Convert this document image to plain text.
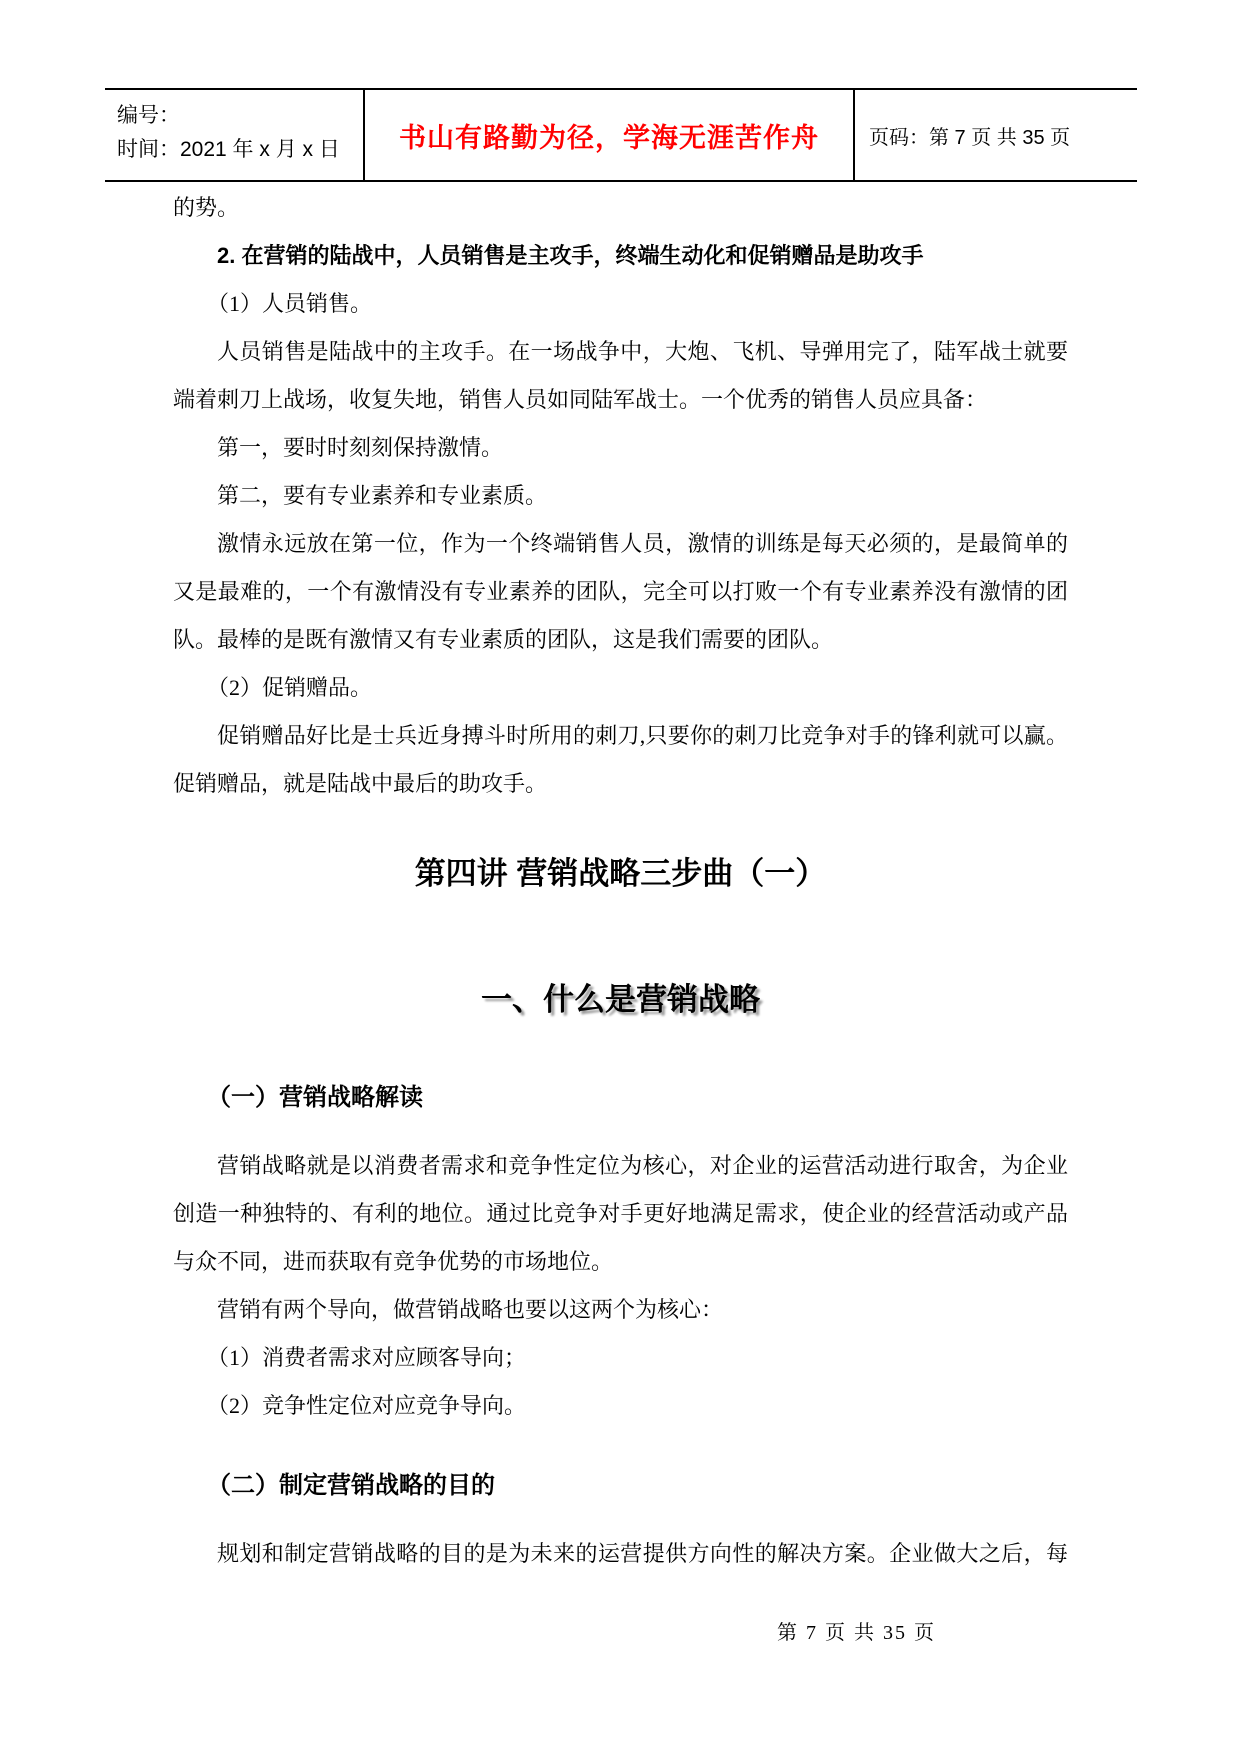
编号：
时间：2021 年 x 月 x 日	书山有路勤为径，学海无涯苦作舟	页码：第 7 页 共 35 页
的势。
2. 在营销的陆战中，人员销售是主攻手，终端生动化和促销赠品是助攻手
（1）人员销售。
人员销售是陆战中的主攻手。在一场战争中，大炮、飞机、导弹用完了，陆军战士就要
端着刺刀上战场，收复失地，销售人员如同陆军战士。一个优秀的销售人员应具备：
第一，要时时刻刻保持激情。
第二，要有专业素养和专业素质。
激情永远放在第一位，作为一个终端销售人员，激情的训练是每天必须的，是最简单的
又是最难的，一个有激情没有专业素养的团队，完全可以打败一个有专业素养没有激情的团
队。最棒的是既有激情又有专业素质的团队，这是我们需要的团队。
（2）促销赠品。
促销赠品好比是士兵近身搏斗时所用的刺刀,只要你的刺刀比竞争对手的锋利就可以赢。
促销赠品，就是陆战中最后的助攻手。
第四讲 营销战略三步曲（一）
一、什么是营销战略
（一）营销战略解读
营销战略就是以消费者需求和竞争性定位为核心，对企业的运营活动进行取舍，为企业
创造一种独特的、有利的地位。通过比竞争对手更好地满足需求，使企业的经营活动或产品
与众不同，进而获取有竞争优势的市场地位。
营销有两个导向，做营销战略也要以这两个为核心：
（1）消费者需求对应顾客导向；
（2）竞争性定位对应竞争导向。
（二）制定营销战略的目的
规划和制定营销战略的目的是为未来的运营提供方向性的解决方案。企业做大之后，每
第 7 页 共 35 页
